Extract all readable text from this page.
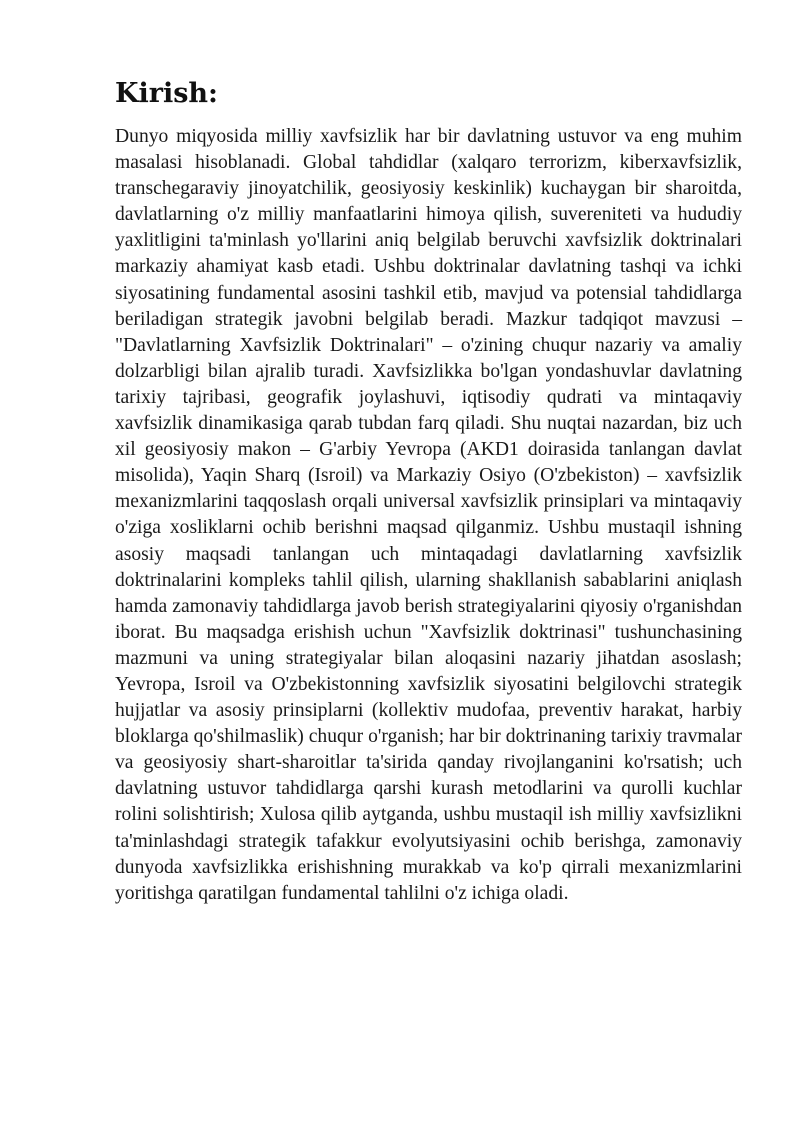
Kirish:

Dunyo miqyosida milliy xavfsizlik har bir davlatning ustuvor va eng muhim masalasi hisoblanadi. Global tahdidlar (xalqaro terrorizm, kiberxavfsizlik, transchegaraviy jinoyatchilik, geosiyosiy keskinlik) kuchaygan bir sharoitda, davlatlarning o'z milliy manfaatlarini himoya qilish, suvereniteti va hududiy yaxlitligini ta'minlash yo'llarini aniq belgilab beruvchi xavfsizlik doktrinalari markaziy ahamiyat kasb etadi. Ushbu doktrinalar davlatning tashqi va ichki siyosatining fundamental asosini tashkil etib, mavjud va potensial tahdidlarga beriladigan strategik javobni belgilab beradi. Mazkur tadqiqot mavzusi – "Davlatlarning Xavfsizlik Doktrinalari" – o'zining chuqur nazariy va amaliy dolzarbligi bilan ajralib turadi. Xavfsizlikka bo'lgan yondashuvlar davlatning tarixiy tajribasi, geografik joylashuvi, iqtisodiy qudrati va mintaqaviy xavfsizlik dinamikasiga qarab tubdan farq qiladi. Shu nuqtai nazardan, biz uch xil geosiyosiy makon – G'arbiy Yevropa (AKD1 doirasida tanlangan davlat misolida), Yaqin Sharq (Isroil) va Markaziy Osiyo (O'zbekiston) – xavfsizlik mexanizmlarini taqqoslash orqali universal xavfsizlik prinsiplari va mintaqaviy o'ziga xosliklarni ochib berishni maqsad qilganmiz. Ushbu mustaqil ishning asosiy maqsadi tanlangan uch mintaqadagi davlatlarning xavfsizlik doktrinalarini kompleks tahlil qilish, ularning shakllanish sabablarini aniqlash hamda zamonaviy tahdidlarga javob berish strategiyalarini qiyosiy o'rganishdan iborat. Bu maqsadga erishish uchun "Xavfsizlik doktrinasi" tushunchasining mazmuni va uning strategiyalar bilan aloqasini nazariy jihatdan asoslash; Yevropa, Isroil va O'zbekistonning xavfsizlik siyosatini belgilovchi strategik hujjatlar va asosiy prinsiplarni (kollektiv mudofaa, preventiv harakat, harbiy bloklarga qo'shilmaslik) chuqur o'rganish; har bir doktrinaning tarixiy travmalar va geosiyosiy shart-sharoitlar ta'sirida qanday rivojlanganini ko'rsatish; uch davlatning ustuvor tahdidlarga qarshi kurash metodlarini va qurolli kuchlar rolini solishtirish; Xulosa qilib aytganda, ushbu mustaqil ish milliy xavfsizlikni ta'minlashdagi strategik tafakkur evolyutsiyasini ochib berishga, zamonaviy dunyoda xavfsizlikka erishishning murakkab va ko'p qirrali mexanizmlarini yoritishga qaratilgan fundamental tahlilni o'z ichiga oladi.
